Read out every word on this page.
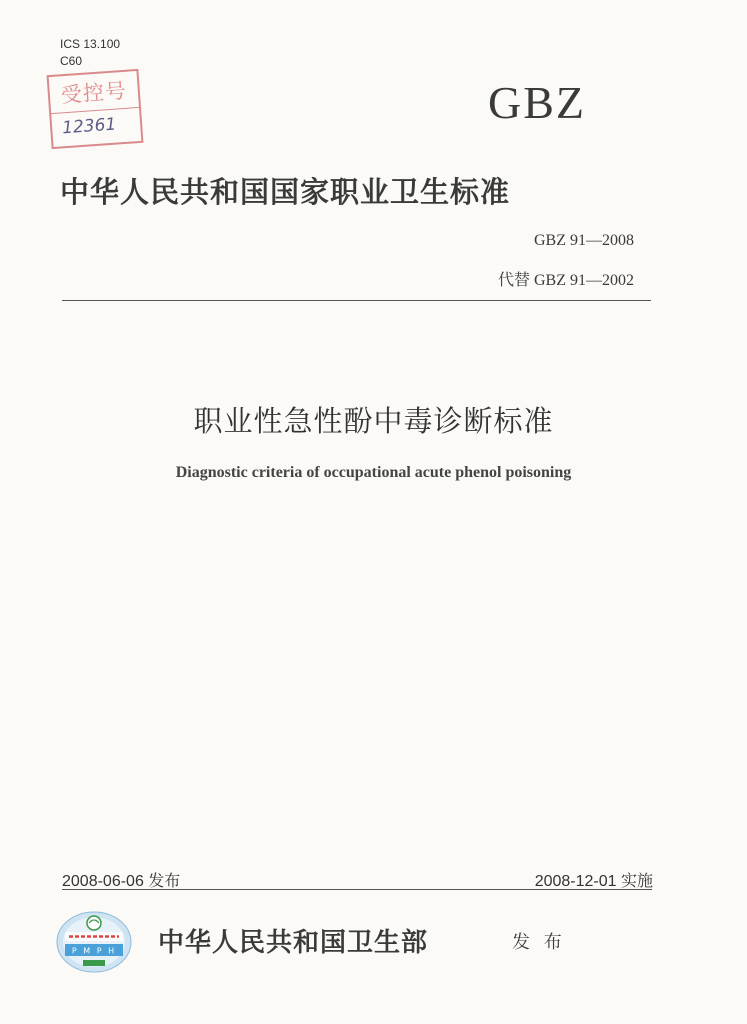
ICS 13.100
C60
受控号
12361	GBZ
中华人民共和国国家职业卫生标准
GBZ 91—2008
代替 GBZ 91—2002
职业性急性酚中毒诊断标准
Diagnostic criteria of occupational acute phenol poisoning
2008-06-06 发布	2008-12-01 实施
P M P H 中华人民共和国卫生部	发 布
